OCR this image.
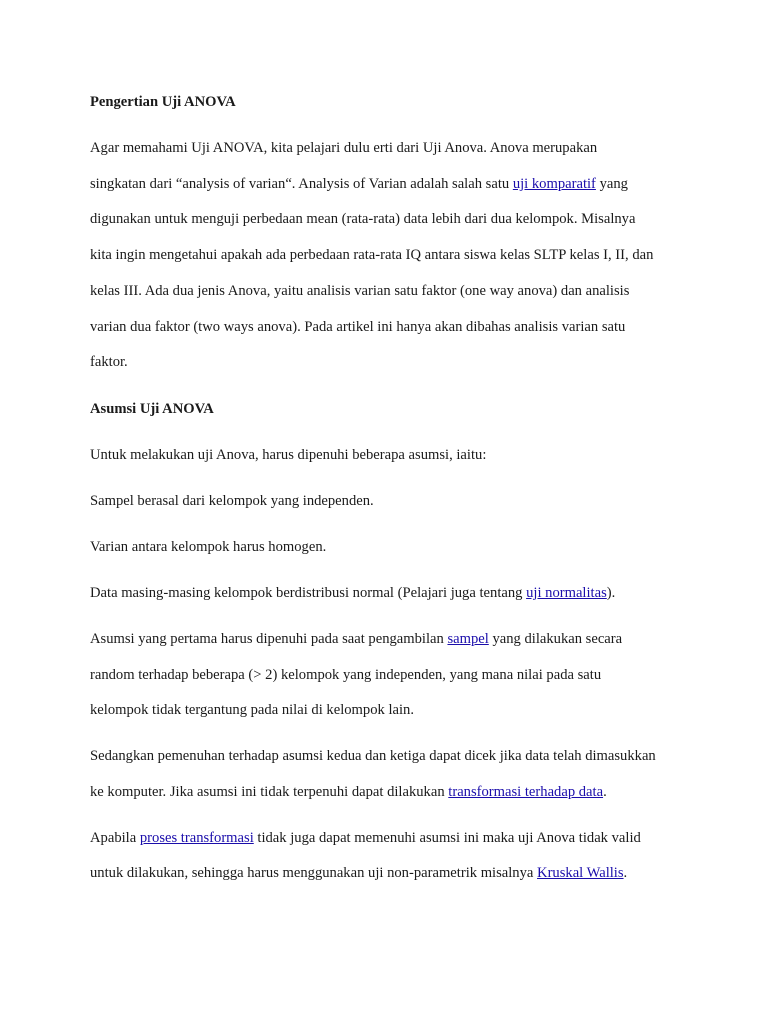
Pengertian Uji ANOVA
Agar memahami Uji ANOVA, kita pelajari dulu erti dari Uji Anova. Anova merupakan
singkatan dari “analysis of varian“. Analysis of Varian adalah salah satu uji komparatif yang
digunakan untuk menguji perbedaan mean (rata-rata) data lebih dari dua kelompok. Misalnya
kita ingin mengetahui apakah ada perbedaan rata-rata IQ antara siswa kelas SLTP kelas I, II, dan
kelas III. Ada dua jenis Anova, yaitu analisis varian satu faktor (one way anova) dan analisis
varian dua faktor (two ways anova). Pada artikel ini hanya akan dibahas analisis varian satu
faktor.
Asumsi Uji ANOVA
Untuk melakukan uji Anova, harus dipenuhi beberapa asumsi, iaitu:
Sampel berasal dari kelompok yang independen.
Varian antara kelompok harus homogen.
Data masing-masing kelompok berdistribusi normal (Pelajari juga tentang uji normalitas).
Asumsi yang pertama harus dipenuhi pada saat pengambilan sampel yang dilakukan secara
random terhadap beberapa (> 2) kelompok yang independen, yang mana nilai pada satu
kelompok tidak tergantung pada nilai di kelompok lain.
Sedangkan pemenuhan terhadap asumsi kedua dan ketiga dapat dicek jika data telah dimasukkan
ke komputer. Jika asumsi ini tidak terpenuhi dapat dilakukan transformasi terhadap data.
Apabila proses transformasi tidak juga dapat memenuhi asumsi ini maka uji Anova tidak valid
untuk dilakukan, sehingga harus menggunakan uji non-parametrik misalnya Kruskal Wallis.
